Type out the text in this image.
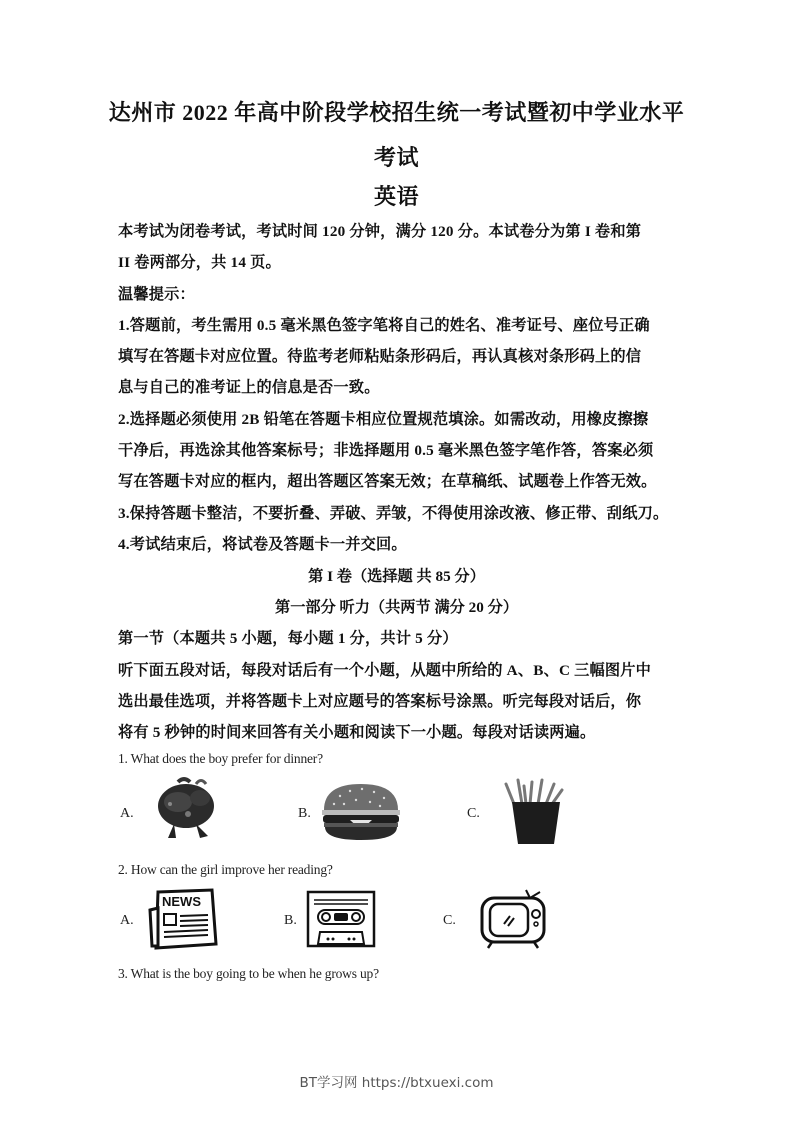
达州市 2022 年高中阶段学校招生统一考试暨初中学业水平
考试
英语
本考试为闭卷考试，考试时间 120 分钟，满分 120 分。本试卷分为第 I 卷和第
II 卷两部分，共 14 页。
温馨提示：
1.答题前，考生需用 0.5 毫米黑色签字笔将自己的姓名、准考证号、座位号正确
填写在答题卡对应位置。待监考老师粘贴条形码后，再认真核对条形码上的信
息与自己的准考证上的信息是否一致。
2.选择题必须使用 2B 铅笔在答题卡相应位置规范填涂。如需改动，用橡皮擦擦
干净后，再选涂其他答案标号；非选择题用 0.5 毫米黑色签字笔作答，答案必须
写在答题卡对应的框内，超出答题区答案无效；在草稿纸、试题卷上作答无效。
3.保持答题卡整洁，不要折叠、弄破、弄皱，不得使用涂改液、修正带、刮纸刀。
4.考试结束后，将试卷及答题卡一并交回。
第 I 卷（选择题 共 85 分）
第一部分 听力（共两节 满分 20 分）
第一节（本题共 5 小题，每小题 1 分，共计 5 分）
听下面五段对话，每段对话后有一个小题，从题中所给的 A、B、C 三幅图片中
选出最佳选项，并将答题卡上对应题号的答案标号涂黑。听完每段对话后，你
将有 5 秒钟的时间来回答有关小题和阅读下一小题。每段对话读两遍。
1. What does the boy prefer for dinner?
A.	B.	C.
2. How can the girl improve her reading?
A.
NEWS
B.	C.
3. What is the boy going to be when he grows up?
BT学习网 https://btxuexi.com
